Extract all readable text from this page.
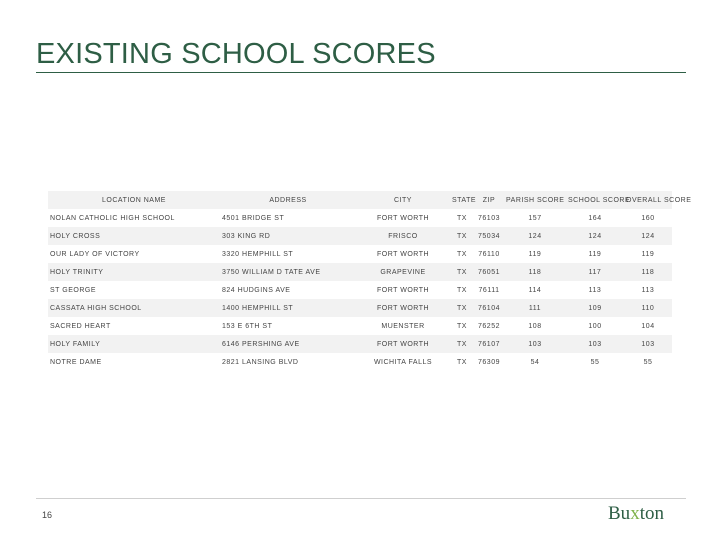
EXISTING SCHOOL SCORES
LOCATION NAME	ADDRESS	CITY	STATE	ZIP	PARISH SCORE	SCHOOL SCORE	OVERALL SCORE
NOLAN CATHOLIC HIGH SCHOOL	4501 BRIDGE ST	FORT WORTH	TX	76103	157	164	160
HOLY CROSS	303 KING RD	FRISCO	TX	75034	124	124	124
OUR LADY OF VICTORY	3320 HEMPHILL ST	FORT WORTH	TX	76110	119	119	119
HOLY TRINITY	3750 WILLIAM D TATE AVE	GRAPEVINE	TX	76051	118	117	118
ST GEORGE	824 HUDGINS AVE	FORT WORTH	TX	76111	114	113	113
CASSATA HIGH SCHOOL	1400 HEMPHILL ST	FORT WORTH	TX	76104	111	109	110
SACRED HEART	153 E 6TH ST	MUENSTER	TX	76252	108	100	104
HOLY FAMILY	6146 PERSHING AVE	FORT WORTH	TX	76107	103	103	103
NOTRE DAME	2821 LANSING BLVD	WICHITA FALLS	TX	76309	54	55	55
16	Buxton
